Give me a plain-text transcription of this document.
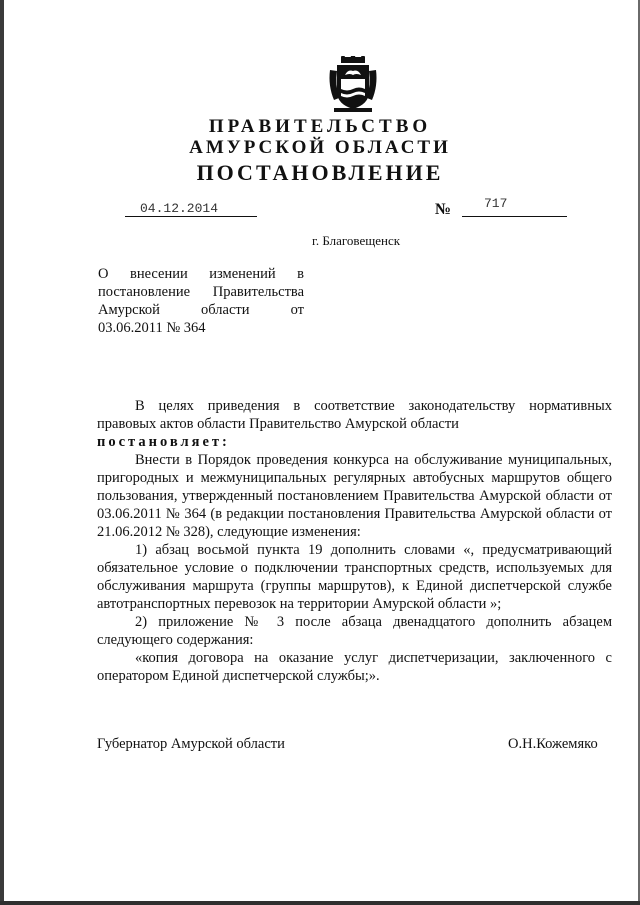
ПРАВИТЕЛЬСТВО
АМУРСКОЙ ОБЛАСТИ
ПОСТАНОВЛЕНИЕ
04.12.2014	№	717
г. Благовещенск
О внесении изменений в
постановление Правительства
Амурской области от
03.06.2011 № 364

В целях приведения в соответствие законодательству нормативных правовых актов области Правительство Амурской области

постановляет:

Внести в Порядок проведения конкурса на обслуживание муниципальных, пригородных и межмуниципальных регулярных автобусных маршрутов общего пользования, утвержденный постановлением Правительства Амурской области от 03.06.2011 № 364 (в редакции постановления Правительства Амурской области от 21.06.2012 № 328), следующие изменения:

1) абзац восьмой пункта 19 дополнить словами «, предусматривающий обязательное условие о подключении транспортных средств, используемых для обслуживания маршрута (группы маршрутов), к Единой диспетчерской службе автотранспортных перевозок на территории Амурской области »;

2) приложение № 3 после абзаца двенадцатого дополнить абзацем следующего содержания:

«копия договора на оказание услуг диспетчеризации, заключенного с оператором Единой диспетчерской службы;».

Губернатор Амурской области	О.Н.Кожемяко
